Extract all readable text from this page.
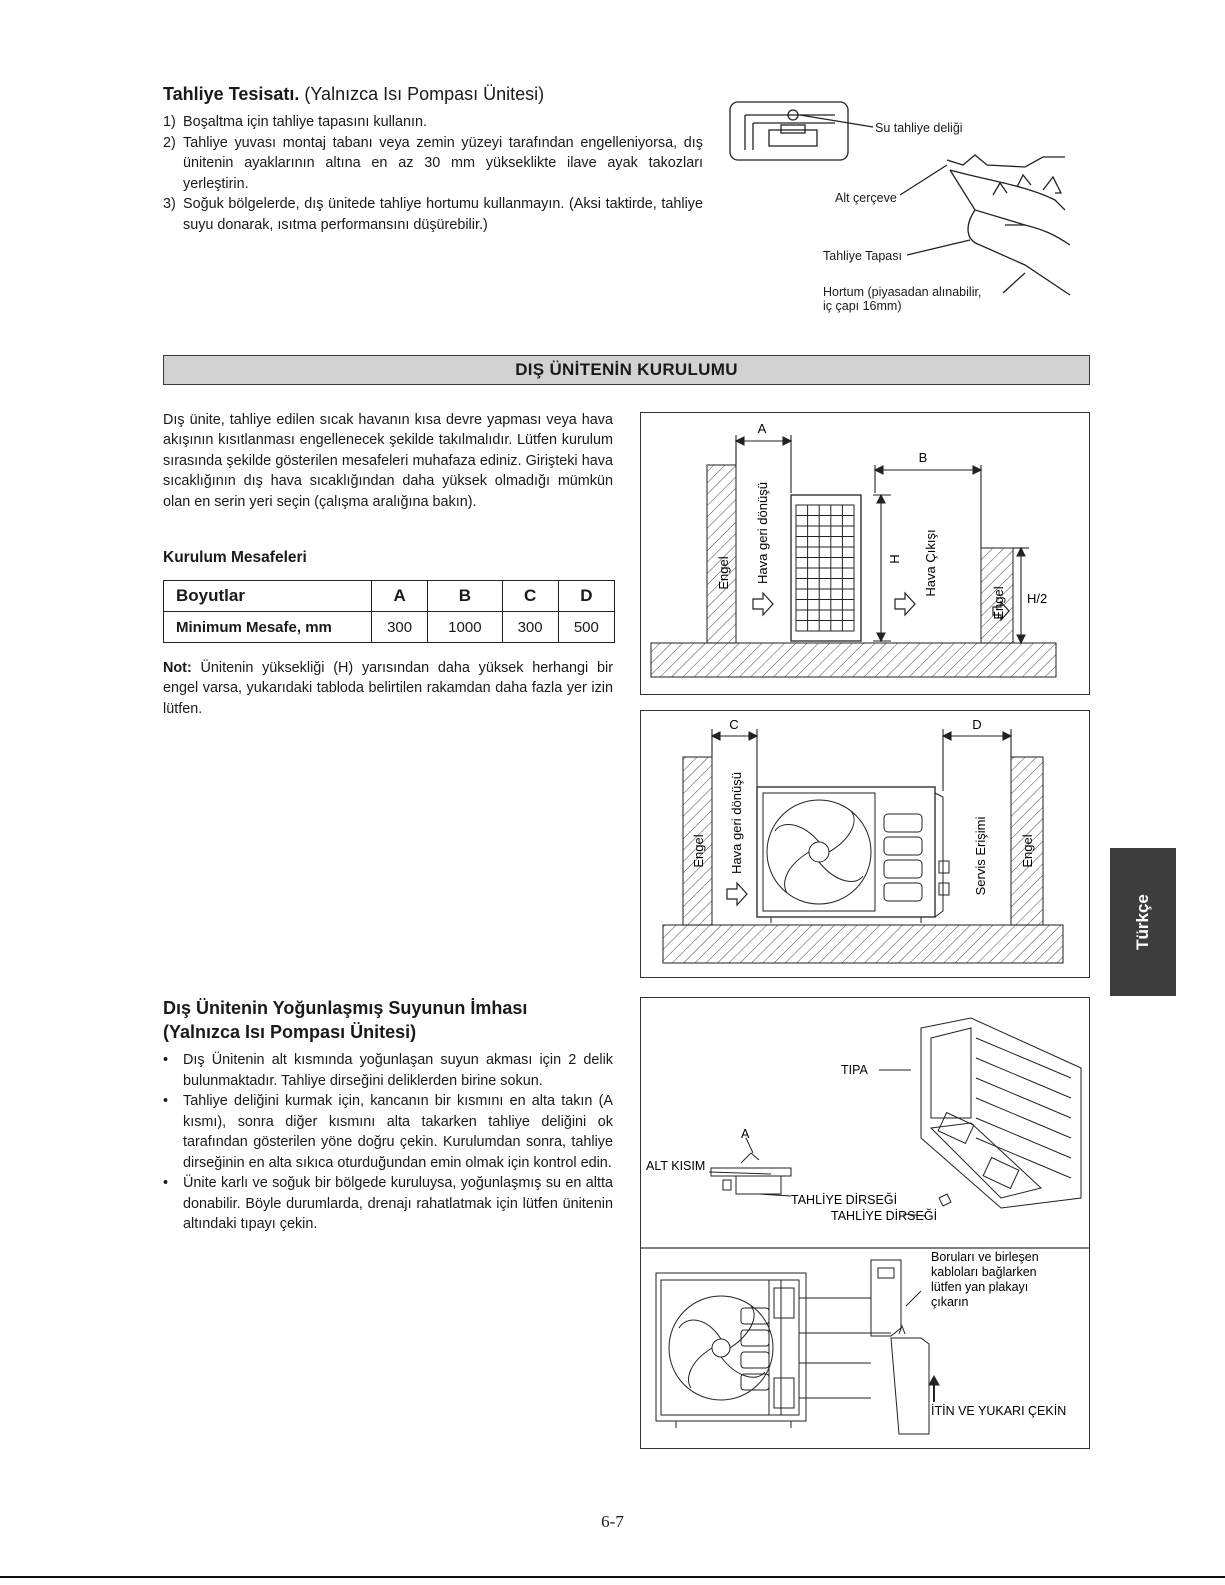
Tahliye Tesisatı. (Yalnızca Isı Pompası Ünitesi)
1) Boşaltma için tahliye tapasını kullanın.
2) Tahliye yuvası montaj tabanı veya zemin yüzeyi tarafından engelleniyorsa, dış ünitenin ayaklarının altına en az 30 mm yükseklikte ilave ayak takozları yerleştirin.
3) Soğuk bölgelerde, dış ünitede tahliye hortumu kullanmayın. (Aksi taktirde, tahliye suyu donarak, ısıtma performansını düşürebilir.)
Su tahliye deliği
Alt çerçeve
Tahliye Tapası
Hortum (piyasadan alınabilir,
iç çapı 16mm)
DIŞ ÜNİTENİN KURULUMU

Dış ünite, tahliye edilen sıcak havanın kısa devre yapması veya hava akışının kısıtlanması engellenecek şekilde takılmalıdır. Lütfen kurulum sırasında şekilde gösterilen mesafeleri muhafaza ediniz. Girişteki hava sıcaklığının dış hava sıcaklığından daha yüksek olmadığı mümkün olan en serin yeri seçin (çalışma aralığına bakın).

Kurulum Mesafeleri
Boyutlar	A	B	C	D
Minimum Mesafe, mm	300	1000	300	500

Not: Ünitenin yüksekliği (H) yarısından daha yüksek herhangi bir engel varsa, yukarıdaki tabloda belirtilen rakamdan daha fazla yer izin lütfen.

A
B
H
H/2
Engel Hava geri dönüşü	Hava Çıkışı
Engel
C	D
Engel Hava geri dönüşü	Servis Erişimi Engel
Dış Ünitenin Yoğunlaşmış Suyunun İmhası
(Yalnızca Isı Pompası Ünitesi)
• Dış Ünitenin alt kısmında yoğunlaşan suyun akması için 2 delik bulunmaktadır. Tahliye dirseğini deliklerden birine sokun.
• Tahliye deliğini kurmak için, kancanın bir kısmını en alta takın (A kısmı), sonra diğer kısmını alta takarken tahliye deliğini ok tarafından gösterilen yöne doğru çekin. Kurulumdan sonra, tahliye dirseğinin en alta sıkıca oturduğundan emin olmak için kontrol edin.
• Ünite karlı ve soğuk bir bölgede kuruluysa, yoğunlaşmış su en altta donabilir. Böyle durumlarda, drenajı rahatlatmak için lütfen ünitenin altındaki tıpayı çekin.
TIPA
A
ALT KISIM
TAHLİYE DİRSEĞİ
TAHLİYE DİRSEĞİ
Boruları ve birleşen
kabloları bağlarken
lütfen yan plakayı
çıkarın
İTİN VE YUKARI ÇEKİN
Türkçe
6-7
